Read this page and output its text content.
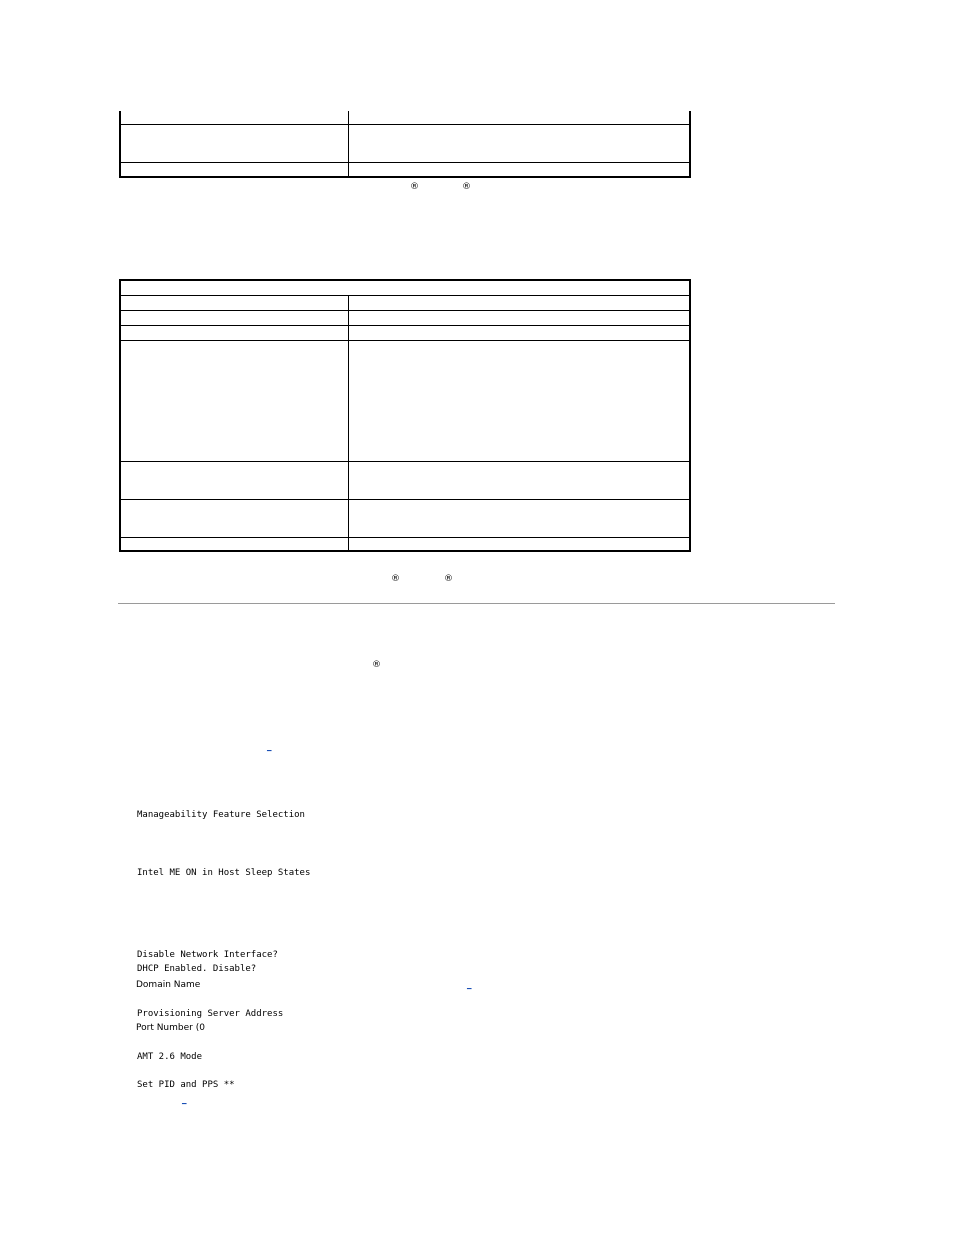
®	®

®	®
®
_
Manageability Feature Selection
Intel ME ON in Host Sleep States
Disable Network Interface?
DHCP Enabled. Disable?
Domain Name	_
Provisioning Server Address
Port Number (0
AMT 2.6 Mode
Set PID and PPS **
_
